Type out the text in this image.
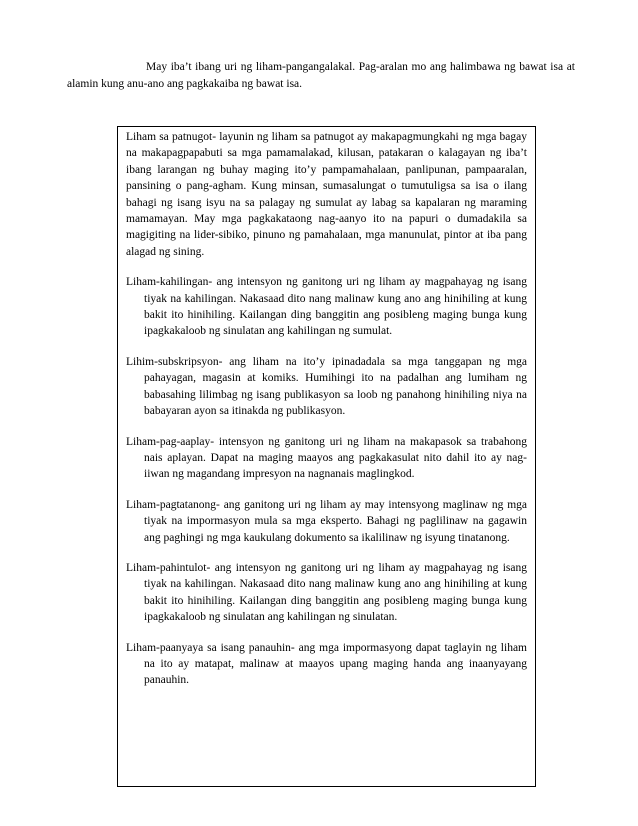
May iba’t ibang uri ng liham-pangangalakal. Pag-aralan mo ang halimbawa ng bawat isa at alamin kung anu-ano ang pagkakaiba ng bawat isa.

Liham sa patnugot- layunin ng liham sa patnugot ay makapagmungkahi ng mga bagay na makapagpapabuti sa mga pamamalakad, kilusan, patakaran o kalagayan ng iba’t ibang larangan ng buhay maging ito’y pampamahalaan, panlipunan, pampaaralan, pansining o pang-agham. Kung minsan, sumasalungat o tumutuligsa sa isa o ilang bahagi ng isang isyu na sa palagay ng sumulat ay labag sa kapalaran ng maraming mamamayan. May mga pagkakataong nag-aanyo ito na papuri o dumadakila sa magigiting na lider-sibiko, pinuno ng pamahalaan, mga manunulat, pintor at iba pang alagad ng sining.

Liham-kahilingan- ang intensyon ng ganitong uri ng liham ay magpahayag ng isang tiyak na kahilingan. Nakasaad dito nang malinaw kung ano ang hinihiling at kung bakit ito hinihiling. Kailangan ding banggitin ang posibleng maging bunga kung ipagkakaloob ng sinulatan ang kahilingan ng sumulat.

Lihim-subskripsyon- ang liham na ito’y ipinadadala sa mga tanggapan ng mga pahayagan, magasin at komiks. Humihingi ito na padalhan ang lumiham ng babasahing lilimbag ng isang publikasyon sa loob ng panahong hinihiling niya na babayaran ayon sa itinakda ng publikasyon.

Liham-pag-aaplay- intensyon ng ganitong uri ng liham na makapasok sa trabahong nais aplayan. Dapat na maging maayos ang pagkakasulat nito dahil ito ay nag-iiwan ng magandang impresyon na nagnanais maglingkod.

Liham-pagtatanong- ang ganitong uri ng liham ay may intensyong maglinaw ng mga tiyak na impormasyon mula sa mga eksperto. Bahagi ng paglilinaw na gagawin ang paghingi ng mga kaukulang dokumento sa ikalilinaw ng isyung tinatanong.

Liham-pahintulot- ang intensyon ng ganitong uri ng liham ay magpahayag ng isang tiyak na kahilingan. Nakasaad dito nang malinaw kung ano ang hinihiling at kung bakit ito hinihiling. Kailangan ding banggitin ang posibleng maging bunga kung ipagkakaloob ng sinulatan ang kahilingan ng sinulatan.

Liham-paanyaya sa isang panauhin- ang mga impormasyong dapat taglayin ng liham na ito ay matapat, malinaw at maayos upang maging handa ang inaanyayang panauhin.
